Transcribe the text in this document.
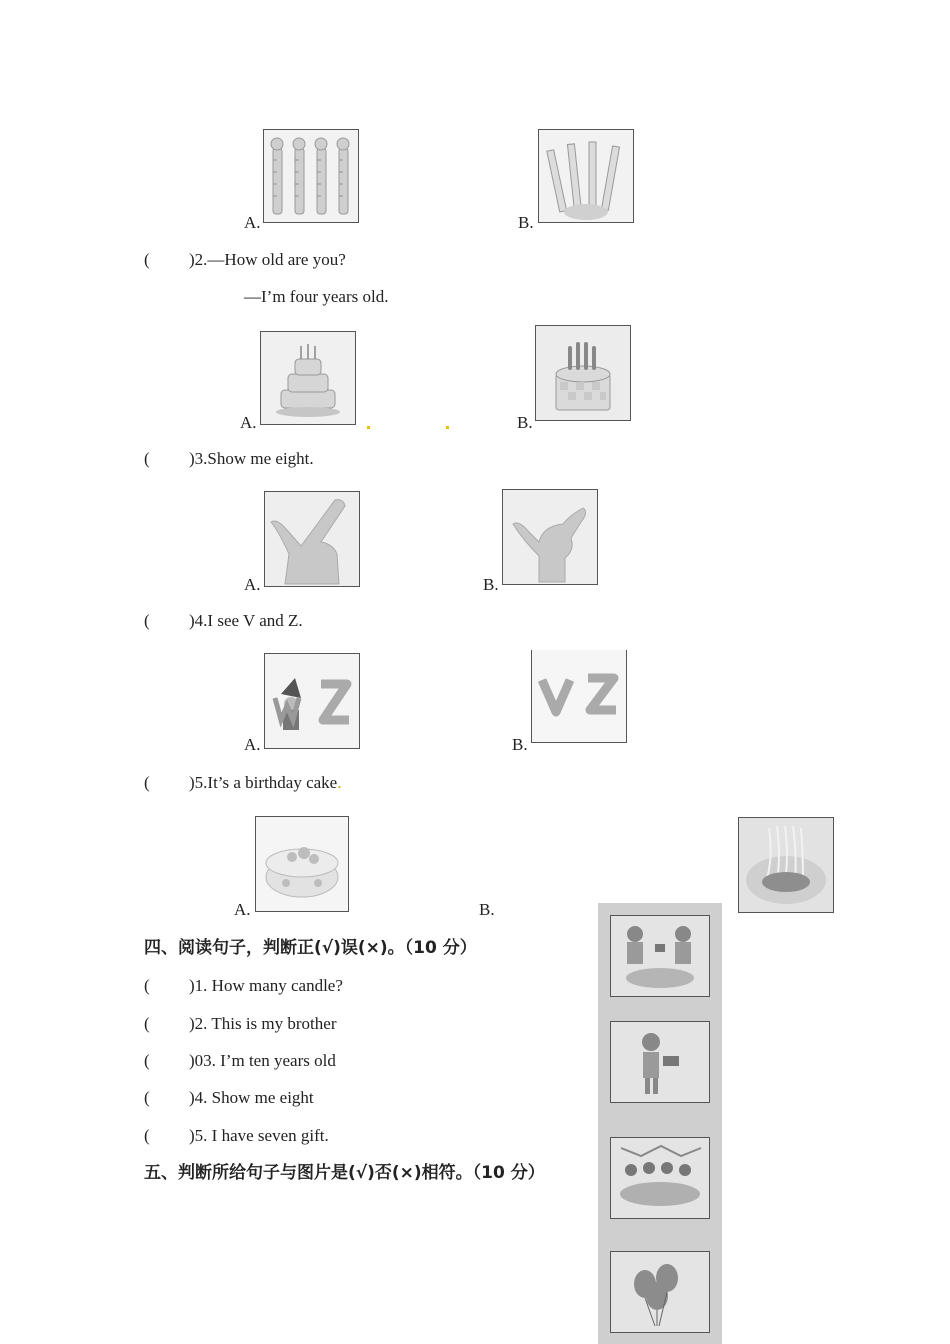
A.	B.
( )2.—How old are you?
—I’m four years old.
A.	B.
( )3.Show me eight.
A.	B.
( )4.I see V and Z.
A.	B.
( )5.It’s a birthday cake.
A.	B.
四、阅读句子，判断正(√)误(×)。（10 分）
( )1. How many candle?
( )2. This is my brother
( )03. I’m ten years old
( )4. Show me eight
( )5. I have seven gift.
五、判断所给句子与图片是(√)否(×)相符。（10 分）
